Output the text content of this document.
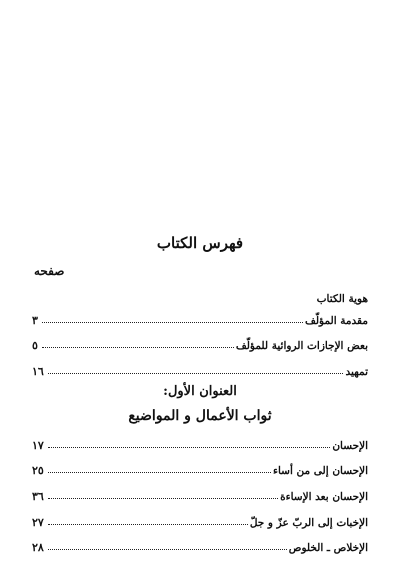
فهرس الكتاب

صفحه

هوية الكتاب
مقدمة المؤلّف
٣
بعض الإجازات الروائية للمؤلّف
٥
تمهيد
١٦
العنوان الأول:
ثواب الأعمال و المواضيع
الإحسان
١٧
الإحسان إلى من أساء
٢٥
الإحسان بعد الإساءة
٣٦
الإخبات إلى الربّ عزّ و جلّ
٢٧
الإخلاص ـ الخلوص
٢٨
